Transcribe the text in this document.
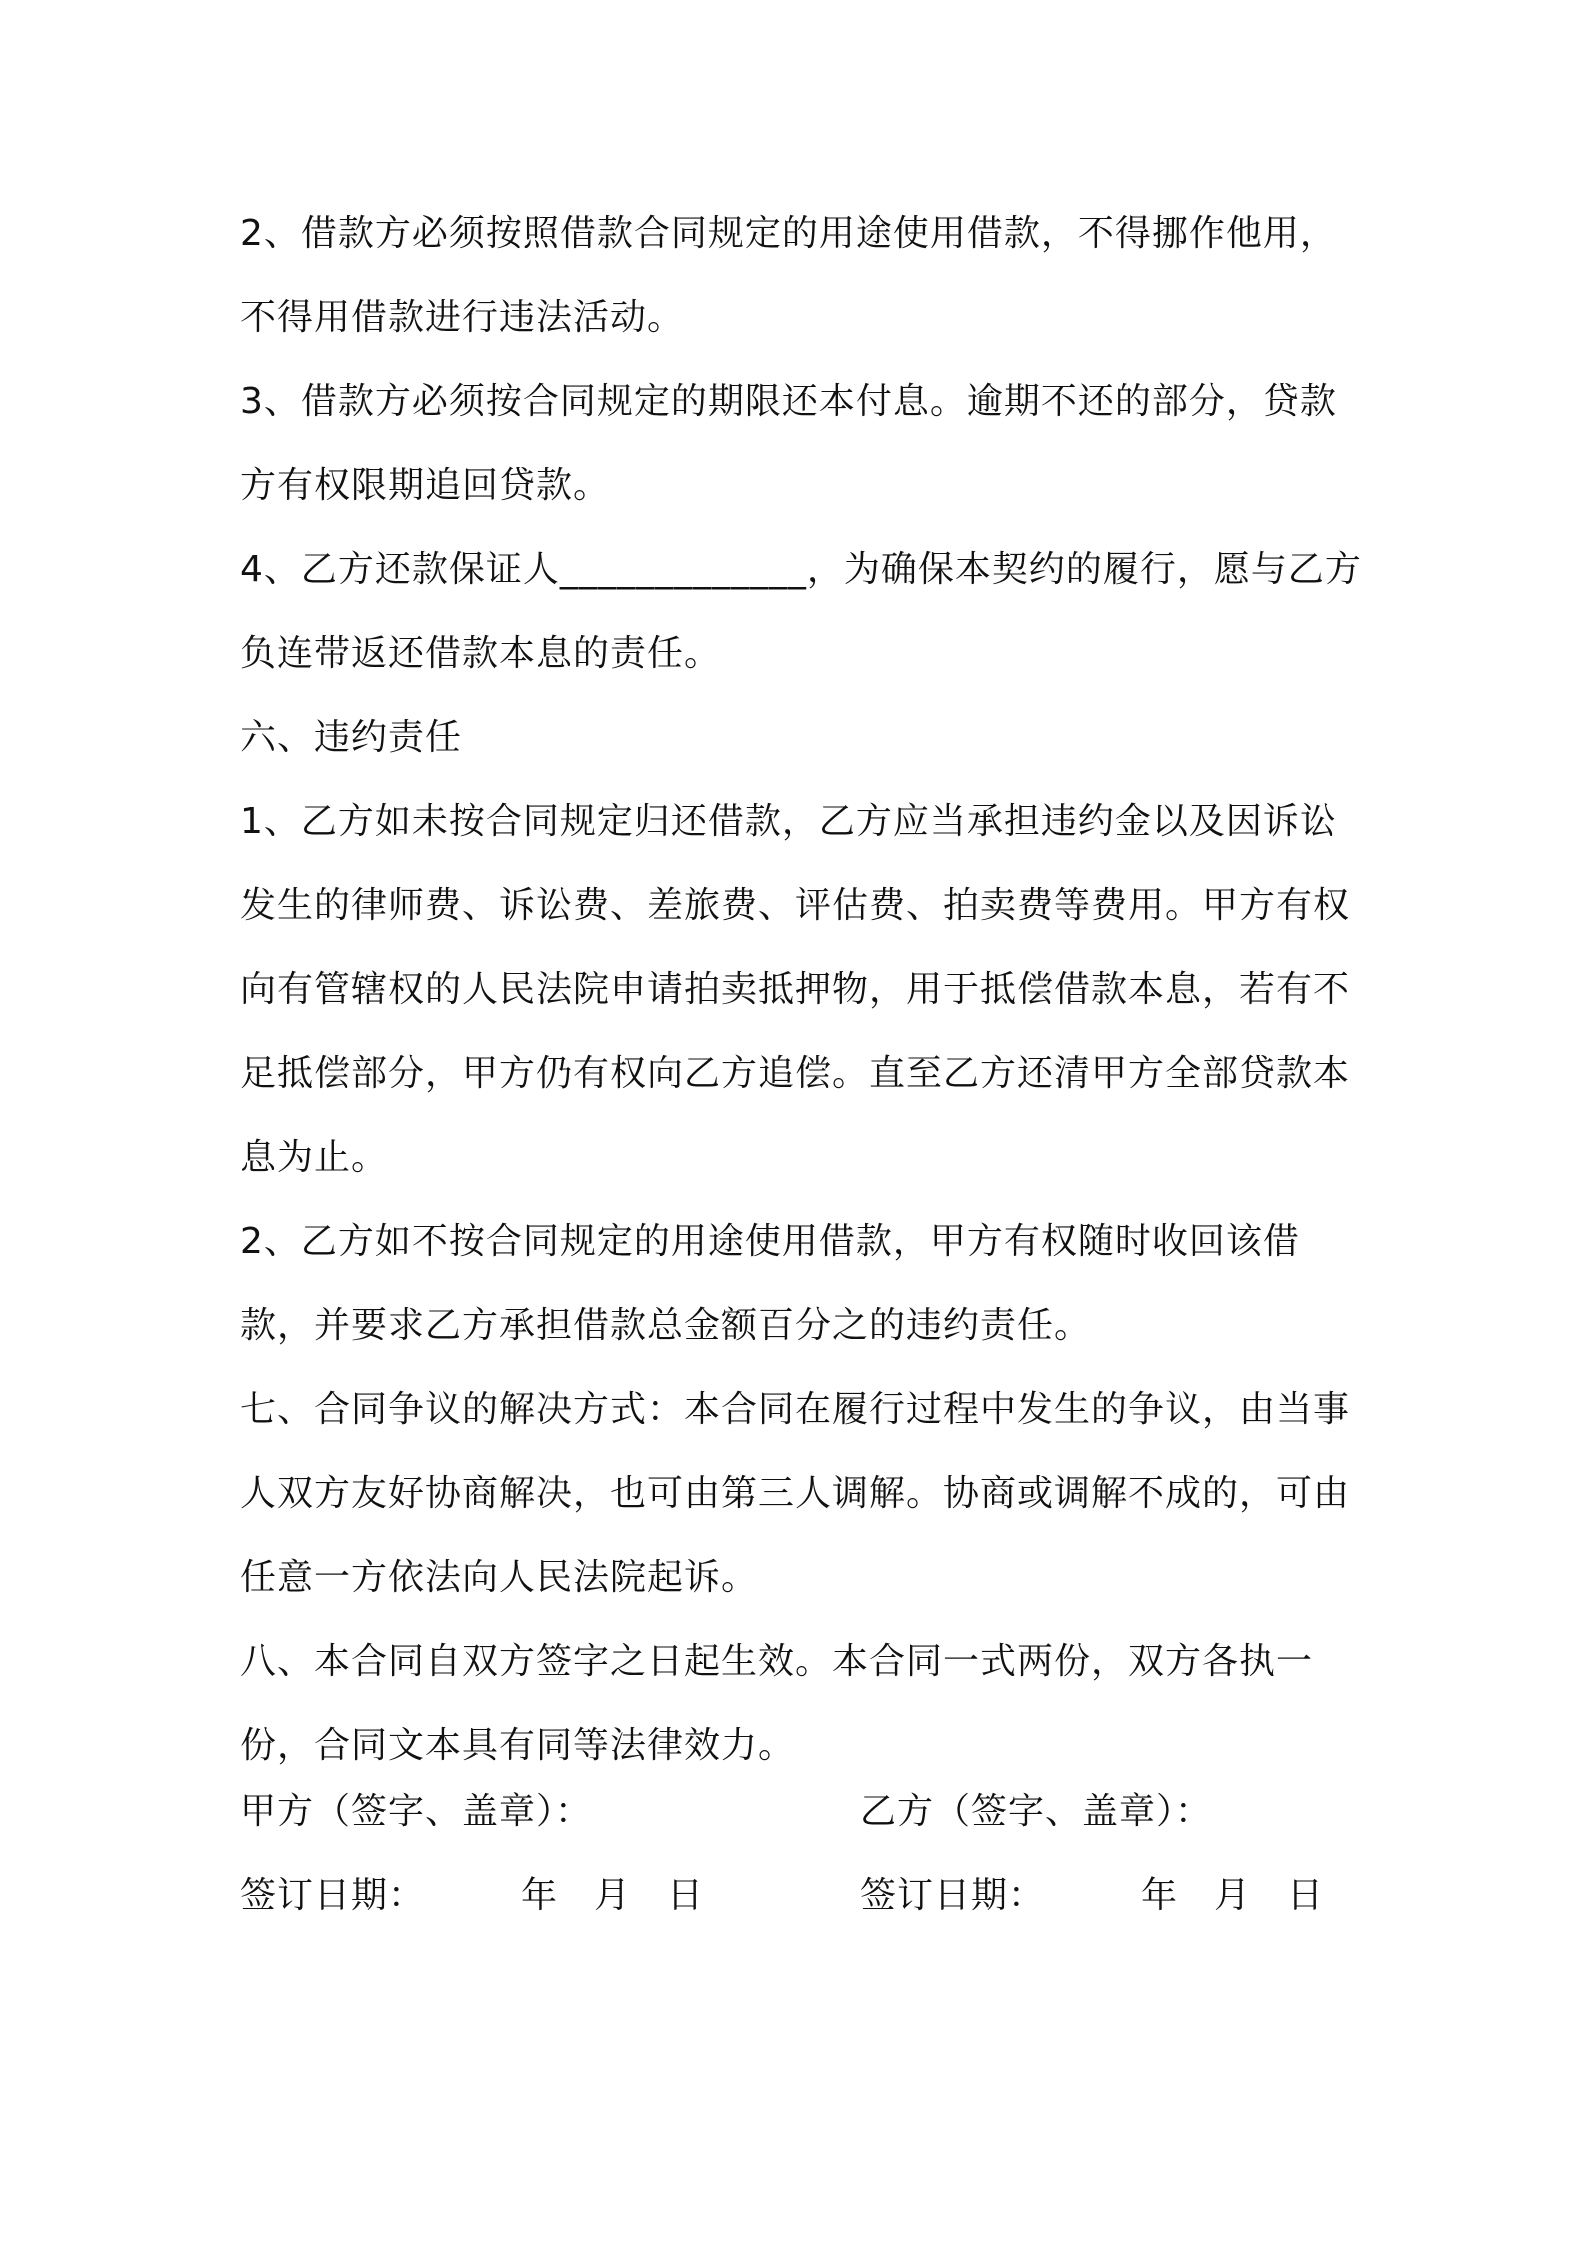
2、借款方必须按照借款合同规定的用途使用借款，不得挪作他用，不得用借款进行违法活动。

3、借款方必须按合同规定的期限还本付息。逾期不还的部分，贷款方有权限期追回贷款。

4、乙方还款保证人_____________，为确保本契约的履行，愿与乙方负连带返还借款本息的责任。

六、违约责任

1、乙方如未按合同规定归还借款，乙方应当承担违约金以及因诉讼发生的律师费、诉讼费、差旅费、评估费、拍卖费等费用。甲方有权向有管辖权的人民法院申请拍卖抵押物，用于抵偿借款本息，若有不足抵偿部分，甲方仍有权向乙方追偿。直至乙方还清甲方全部贷款本息为止。

2、乙方如不按合同规定的用途使用借款，甲方有权随时收回该借款，并要求乙方承担借款总金额百分之的违约责任。

七、合同争议的解决方式：本合同在履行过程中发生的争议，由当事人双方友好协商解决，也可由第三人调解。协商或调解不成的，可由任意一方依法向人民法院起诉。

八、本合同自双方签字之日起生效。本合同一式两份，双方各执一份，合同文本具有同等法律效力。

甲方（签字、盖章）：	乙方（签字、盖章）：
签订日期：	年 月 日	签订日期：	年 月 日
